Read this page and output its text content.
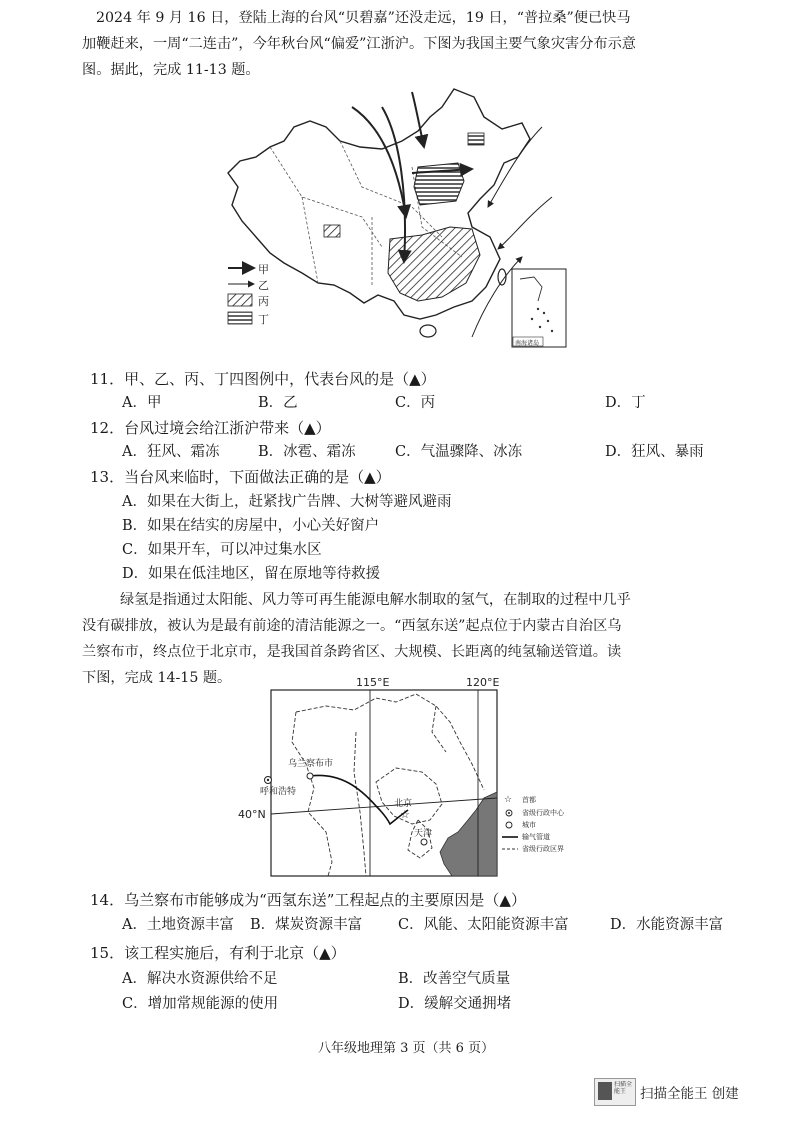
2024 年 9 月 16 日，登陆上海的台风“贝碧嘉”还没走远，19 日，“普拉桑”便已快马
加鞭赶来，一周“二连击”，今年秋台风“偏爱”江浙沪。下图为我国主要气象灾害分布示意
图。据此，完成 11-13 题。
甲
乙
丙
丁
南海诸岛
11．甲、乙、丙、丁四图例中，代表台风的是（▲）
A．甲	B．乙	C．丙	D．丁
12．台风过境会给江浙沪带来（▲）
A．狂风、霜冻	B．冰雹、霜冻	C．气温骤降、冰冻	D．狂风、暴雨
13．当台风来临时，下面做法正确的是（▲）
A．如果在大街上，赶紧找广告牌、大树等避风避雨
B．如果在结实的房屋中，小心关好窗户
C．如果开车，可以冲过集水区
D．如果在低洼地区，留在原地等待救援
绿氢是指通过太阳能、风力等可再生能源电解水制取的氢气，在制取的过程中几乎
没有碳排放，被认为是最有前途的清洁能源之一。“西氢东送”起点位于内蒙古自治区乌
兰察布市，终点位于北京市，是我国首条跨省区、大规模、长距离的纯氢输送管道。读
下图，完成 14-15 题。	115°E	120°E
40°N	☆
乌兰察布市
呼和浩特
北京
天津
☆ 首都
省级行政中心
城市
输气管道
省级行政区界
14．乌兰察布市能够成为“西氢东送”工程起点的主要原因是（▲）
A．土地资源丰富 B．煤炭资源丰富 C．风能、太阳能资源丰富	D．水能资源丰富
15．该工程实施后，有利于北京（▲）
A．解决水资源供给不足	B．改善空气质量
C．增加常规能源的使用	D．缓解交通拥堵
八年级地理第 3 页（共 6 页）
扫描全能王	扫描全能王 创建
